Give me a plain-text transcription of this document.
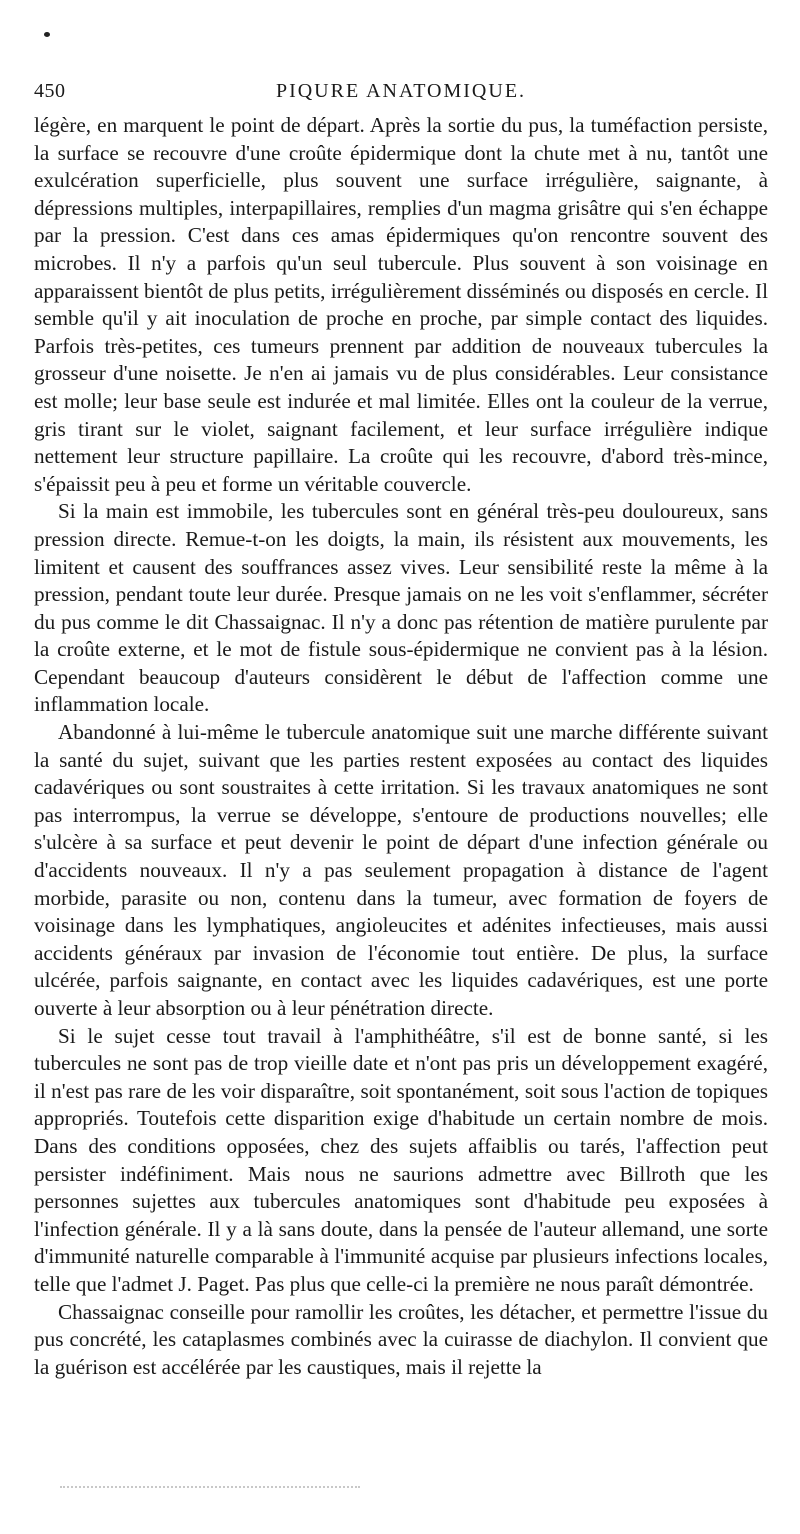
450	PIQURE ANATOMIQUE.

légère, en marquent le point de départ. Après la sortie du pus, la tuméfaction persiste, la surface se recouvre d'une croûte épidermique dont la chute met à nu, tantôt une exulcération superficielle, plus souvent une surface irrégulière, saignante, à dépressions multiples, interpapillaires, remplies d'un magma grisâtre qui s'en échappe par la pression. C'est dans ces amas épidermiques qu'on rencontre souvent des microbes. Il n'y a parfois qu'un seul tubercule. Plus souvent à son voisinage en apparaissent bientôt de plus petits, irrégulièrement disséminés ou disposés en cercle. Il semble qu'il y ait inoculation de proche en proche, par simple contact des liquides. Parfois très-petites, ces tumeurs prennent par addition de nouveaux tubercules la grosseur d'une noisette. Je n'en ai jamais vu de plus considérables. Leur consistance est molle; leur base seule est indurée et mal limitée. Elles ont la couleur de la verrue, gris tirant sur le violet, saignant facilement, et leur surface irrégulière indique nettement leur structure papillaire. La croûte qui les recouvre, d'abord très-mince, s'épaissit peu à peu et forme un véritable couvercle.

Si la main est immobile, les tubercules sont en général très-peu douloureux, sans pression directe. Remue-t-on les doigts, la main, ils résistent aux mouvements, les limitent et causent des souffrances assez vives. Leur sensibilité reste la même à la pression, pendant toute leur durée. Presque jamais on ne les voit s'enflammer, sécréter du pus comme le dit Chassaignac. Il n'y a donc pas rétention de matière purulente par la croûte externe, et le mot de fistule sous-épidermique ne convient pas à la lésion. Cependant beaucoup d'auteurs considèrent le début de l'affection comme une inflammation locale.

Abandonné à lui-même le tubercule anatomique suit une marche différente suivant la santé du sujet, suivant que les parties restent exposées au contact des liquides cadavériques ou sont soustraites à cette irritation. Si les travaux anatomiques ne sont pas interrompus, la verrue se développe, s'entoure de productions nouvelles; elle s'ulcère à sa surface et peut devenir le point de départ d'une infection générale ou d'accidents nouveaux. Il n'y a pas seulement propagation à distance de l'agent morbide, parasite ou non, contenu dans la tumeur, avec formation de foyers de voisinage dans les lymphatiques, angioleucites et adénites infectieuses, mais aussi accidents généraux par invasion de l'économie tout entière. De plus, la surface ulcérée, parfois saignante, en contact avec les liquides cadavériques, est une porte ouverte à leur absorption ou à leur pénétration directe.

Si le sujet cesse tout travail à l'amphithéâtre, s'il est de bonne santé, si les tubercules ne sont pas de trop vieille date et n'ont pas pris un développement exagéré, il n'est pas rare de les voir disparaître, soit spontanément, soit sous l'action de topiques appropriés. Toutefois cette disparition exige d'habitude un certain nombre de mois. Dans des conditions opposées, chez des sujets affaiblis ou tarés, l'affection peut persister indéfiniment. Mais nous ne saurions admettre avec Billroth que les personnes sujettes aux tubercules anatomiques sont d'habitude peu exposées à l'infection générale. Il y a là sans doute, dans la pensée de l'auteur allemand, une sorte d'immunité naturelle comparable à l'immunité acquise par plusieurs infections locales, telle que l'admet J. Paget. Pas plus que celle-ci la première ne nous paraît démontrée.

Chassaignac conseille pour ramollir les croûtes, les détacher, et permettre l'issue du pus concrété, les cataplasmes combinés avec la cuirasse de diachylon. Il convient que la guérison est accélérée par les caustiques, mais il rejette la
